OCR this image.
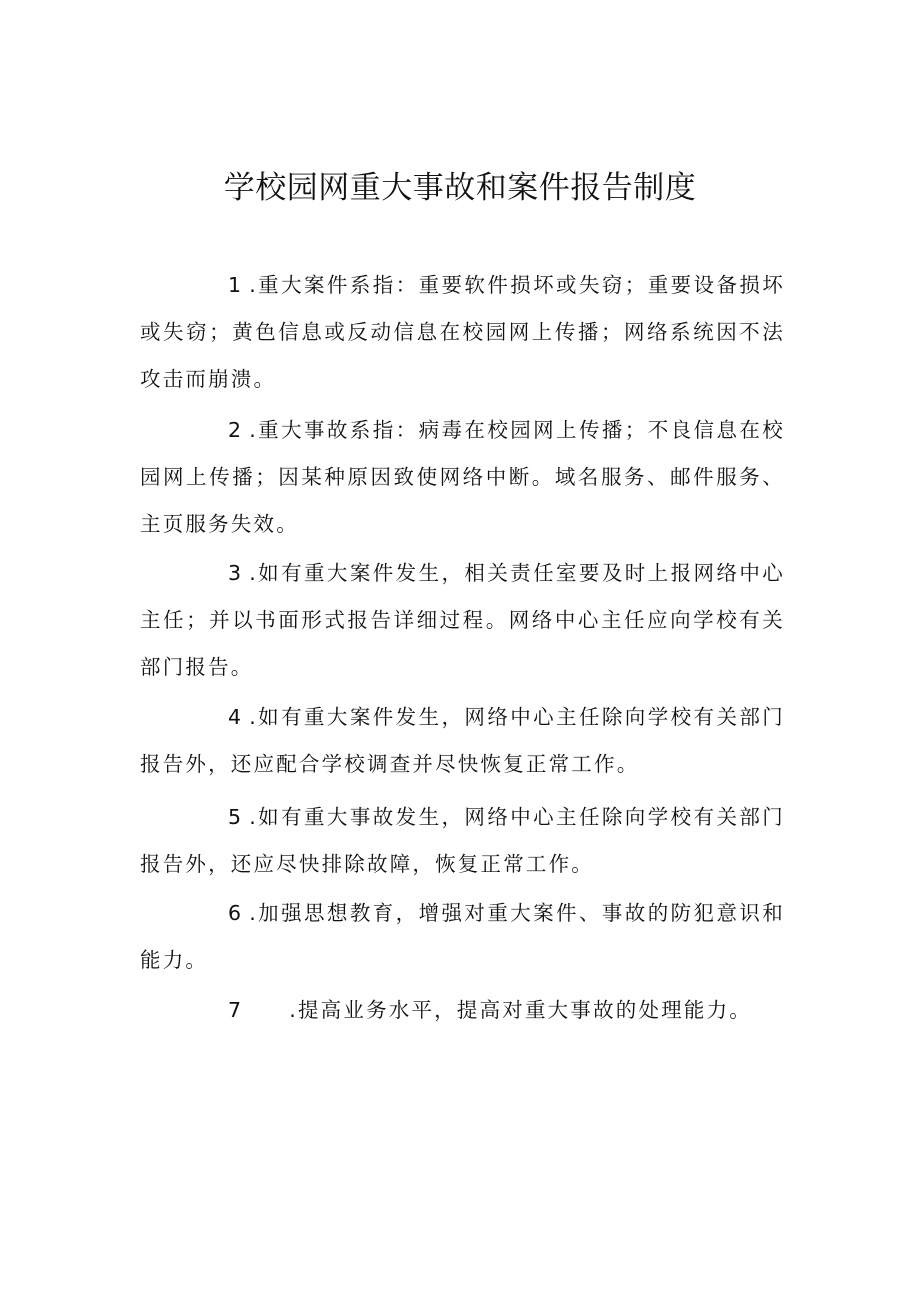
学校园网重大事故和案件报告制度

1 .重大案件系指：重要软件损坏或失窃；重要设备损坏或失窃；黄色信息或反动信息在校园网上传播；网络系统因不法攻击而崩溃。

2 .重大事故系指：病毒在校园网上传播；不良信息在校园网上传播；因某种原因致使网络中断。域名服务、邮件服务、主页服务失效。

3 .如有重大案件发生，相关责任室要及时上报网络中心主任；并以书面形式报告详细过程。网络中心主任应向学校有关部门报告。

4 .如有重大案件发生，网络中心主任除向学校有关部门报告外，还应配合学校调查并尽快恢复正常工作。

5 .如有重大事故发生，网络中心主任除向学校有关部门报告外，还应尽快排除故障，恢复正常工作。

6 .加强思想教育，增强对重大案件、事故的防犯意识和能力。

7 .提高业务水平，提高对重大事故的处理能力。
